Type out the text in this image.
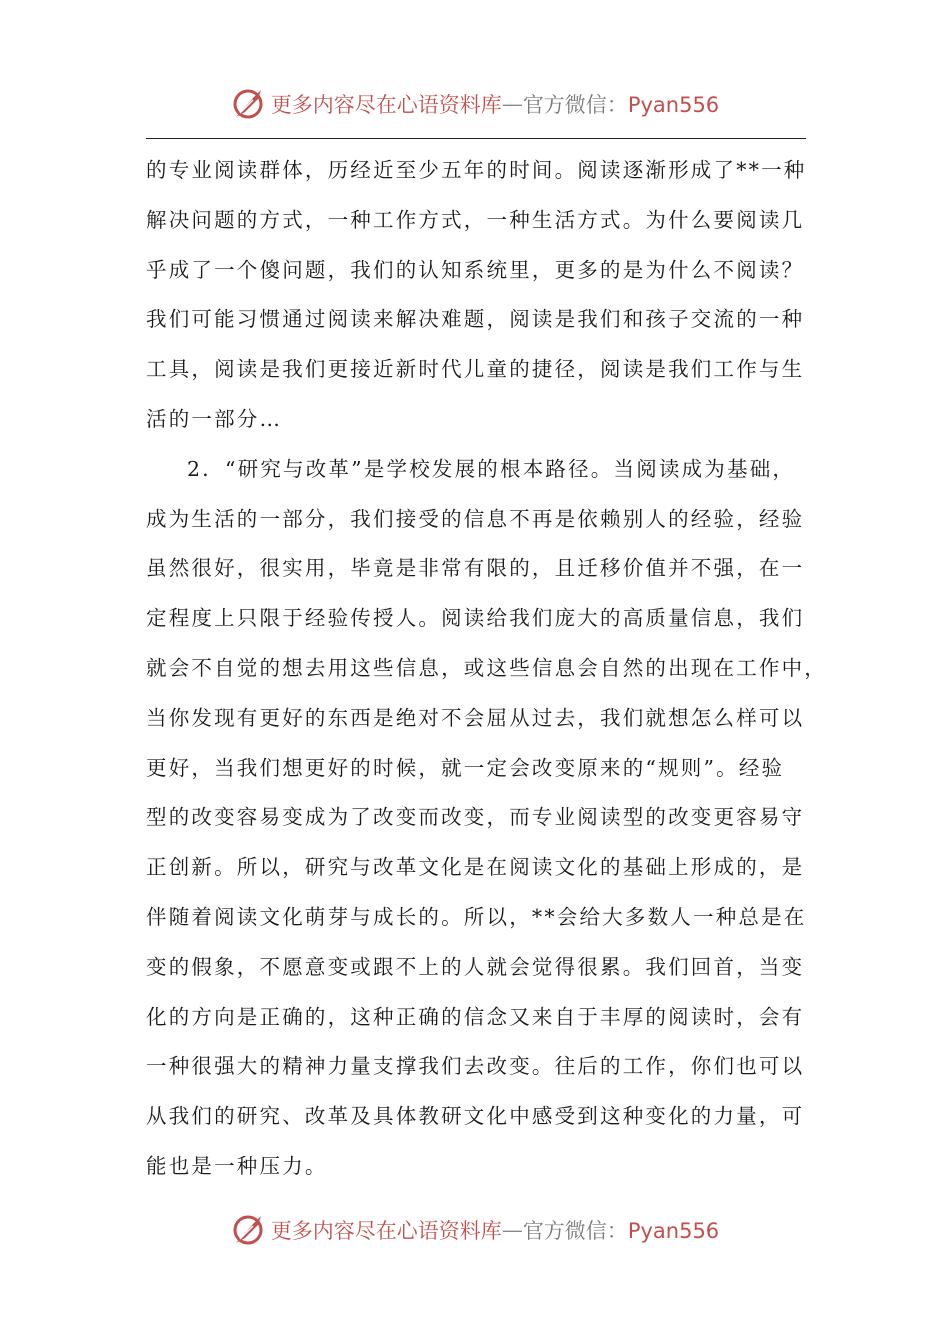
更多内容尽在心语资料库 — 官方微信：Pyan556
的专业阅读群体，历经近至少五年的时间。阅读逐渐形成了**一种
解决问题的方式，一种工作方式，一种生活方式。为什么要阅读几
乎成了一个傻问题，我们的认知系统里，更多的是为什么不阅读？
我们可能习惯通过阅读来解决难题，阅读是我们和孩子交流的一种
工具，阅读是我们更接近新时代儿童的捷径，阅读是我们工作与生
活的一部分…
2．“研究与改革”是学校发展的根本路径。当阅读成为基础，
成为生活的一部分，我们接受的信息不再是依赖别人的经验，经验
虽然很好，很实用，毕竟是非常有限的，且迁移价值并不强，在一
定程度上只限于经验传授人。阅读给我们庞大的高质量信息，我们
就会不自觉的想去用这些信息，或这些信息会自然的出现在工作中，
当你发现有更好的东西是绝对不会屈从过去，我们就想怎么样可以
更好，当我们想更好的时候，就一定会改变原来的“规则”。经验
型的改变容易变成为了改变而改变，而专业阅读型的改变更容易守
正创新。所以，研究与改革文化是在阅读文化的基础上形成的，是
伴随着阅读文化萌芽与成长的。所以，**会给大多数人一种总是在
变的假象，不愿意变或跟不上的人就会觉得很累。我们回首，当变
化的方向是正确的，这种正确的信念又来自于丰厚的阅读时，会有
一种很强大的精神力量支撑我们去改变。往后的工作，你们也可以
从我们的研究、改革及具体教研文化中感受到这种变化的力量，可
能也是一种压力。
更多内容尽在心语资料库 — 官方微信：Pyan556
